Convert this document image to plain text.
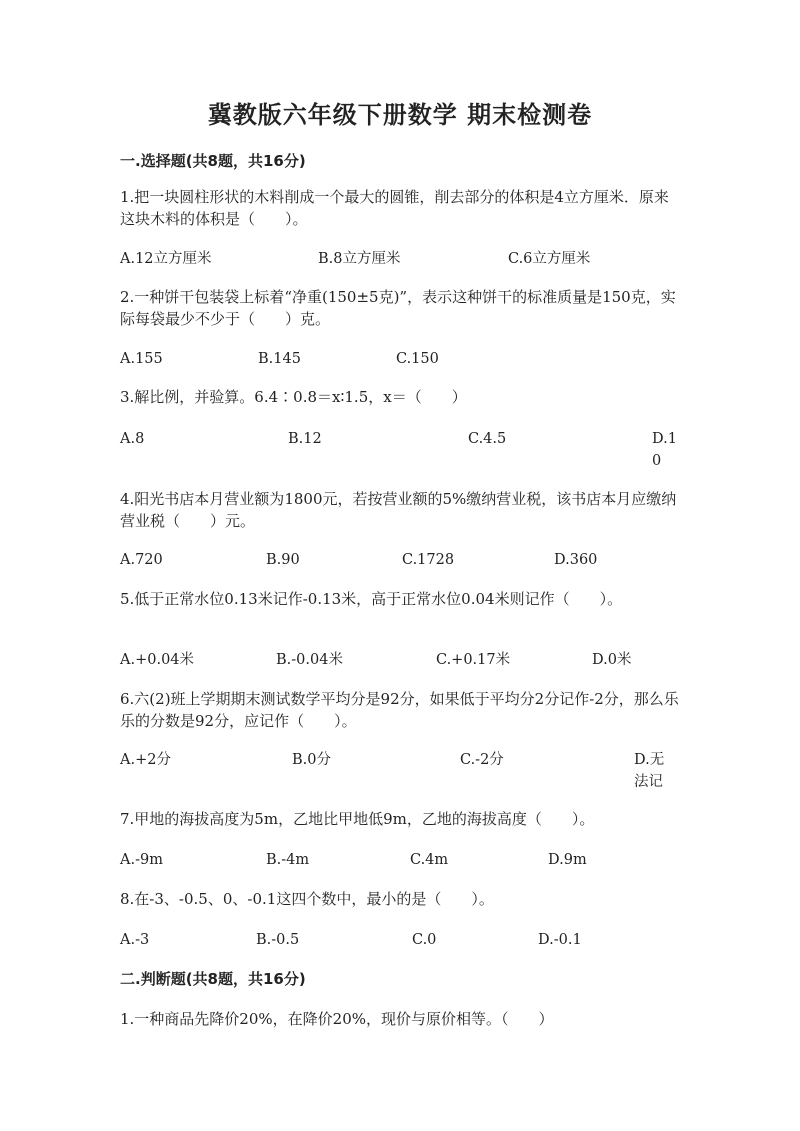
冀教版六年级下册数学 期末检测卷
一.选择题(共8题，共16分)
1.把一块圆柱形状的木料削成一个最大的圆锥，削去部分的体积是4立方厘米．原来这块木料的体积是（　　）。
A.12立方厘米	B.8立方厘米	C.6立方厘米
2.一种饼干包装袋上标着“净重(150±5克)”，表示这种饼干的标准质量是150克，实际每袋最少不少于（　　）克。
A.155	B.145	C.150
3.解比例，并验算。6.4∶0.8＝x∶1.5，x＝（　　）
A.8	B.12	C.4.5	D.10
4.阳光书店本月营业额为1800元，若按营业额的5%缴纳营业税，该书店本月应缴纳营业税（　　）元。
A.720	B.90	C.1728	D.360
5.低于正常水位0.13米记作-0.13米，高于正常水位0.04米则记作（　　）。
A.+0.04米	B.-0.04米	C.+0.17米	D.0米
6.六(2)班上学期期末测试数学平均分是92分，如果低于平均分2分记作-2分，那么乐乐的分数是92分，应记作（　　）。
A.+2分	B.0分	C.-2分	D.无法记
7.甲地的海拔高度为5m，乙地比甲地低9m，乙地的海拔高度（　　）。
A.-9m	B.-4m	C.4m	D.9m
8.在-3、-0.5、0、-0.1这四个数中，最小的是（　　）。
A.-3	B.-0.5	C.0	D.-0.1
二.判断题(共8题，共16分)
1.一种商品先降价20%，在降价20%，现价与原价相等。（　　）
